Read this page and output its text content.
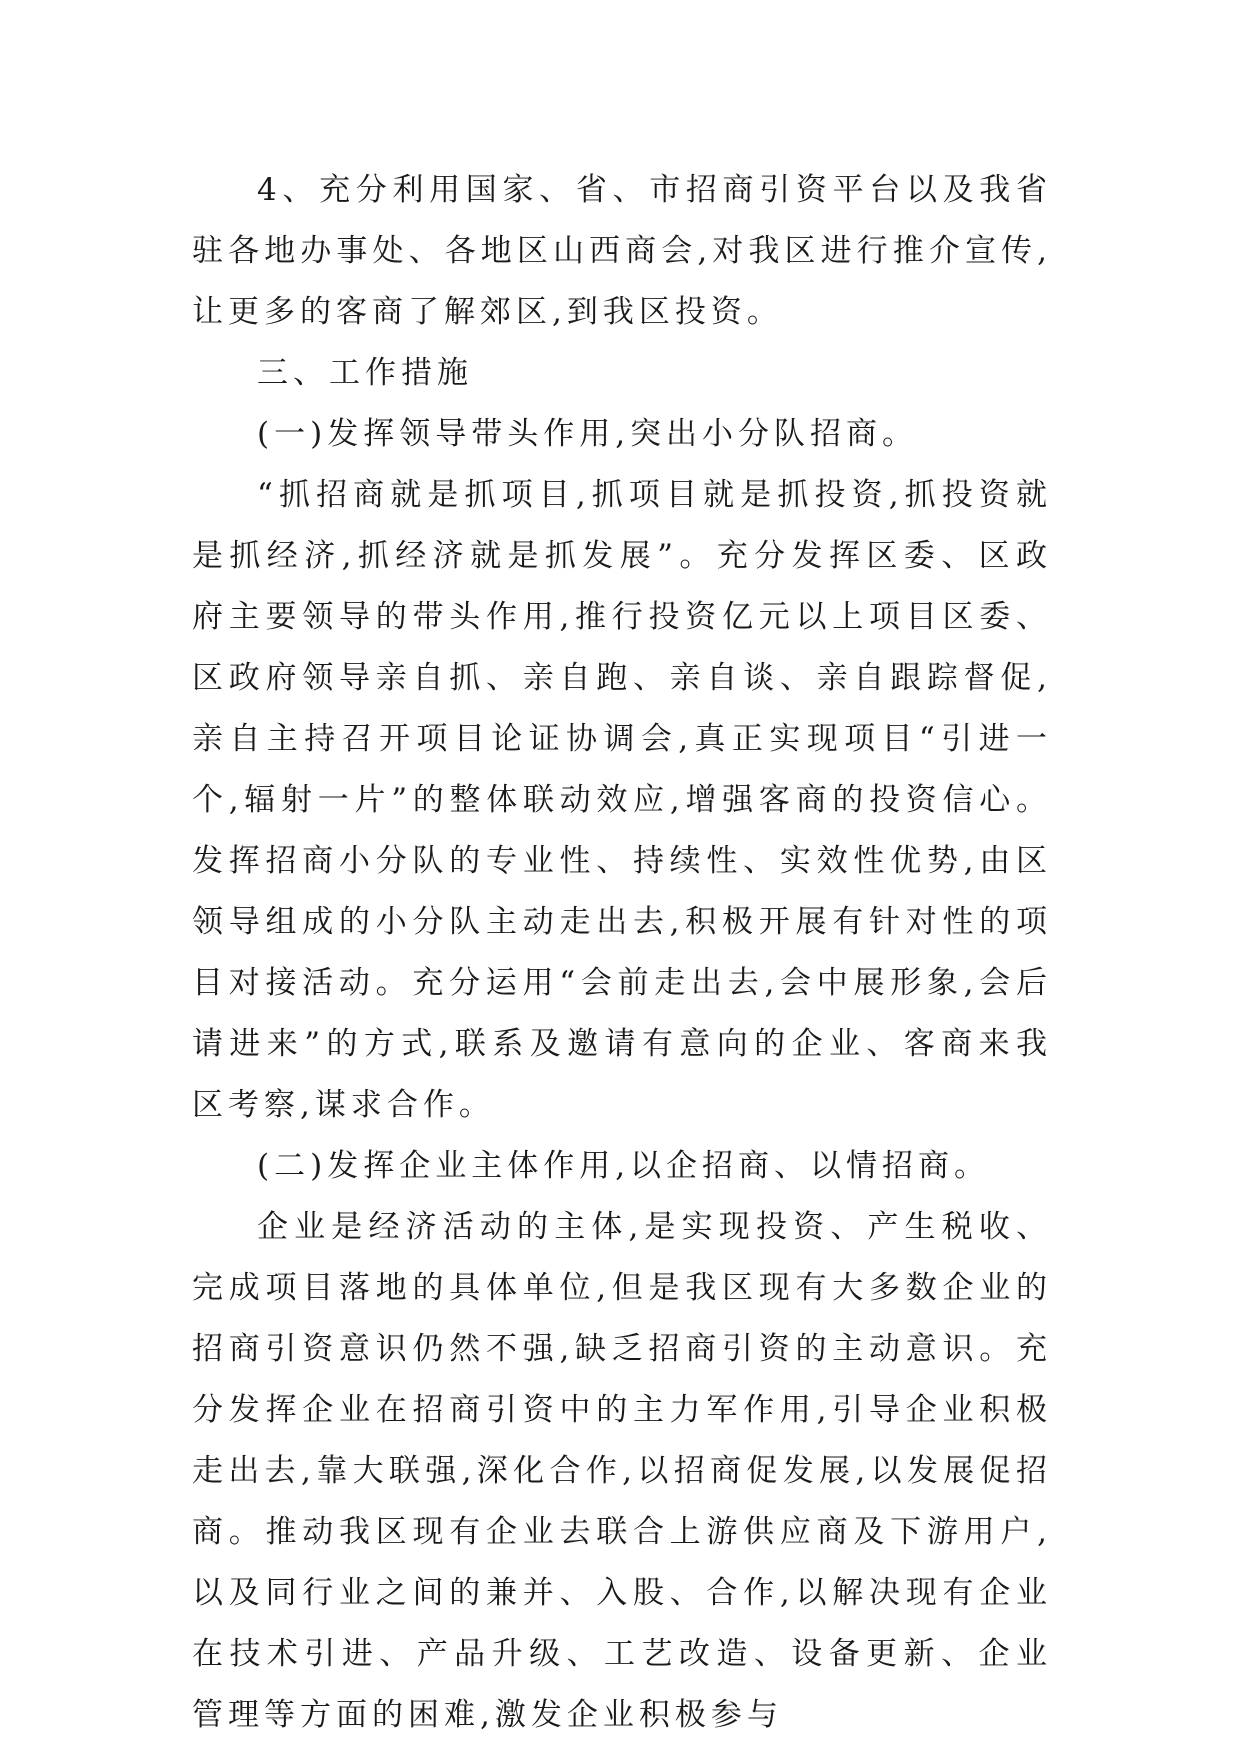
4、充分利用国家、省、市招商引资平台以及我省驻各地办事处、各地区山西商会,对我区进行推介宣传,让更多的客商了解郊区,到我区投资。

三、工作措施

(一)发挥领导带头作用,突出小分队招商。

“抓招商就是抓项目,抓项目就是抓投资,抓投资就是抓经济,抓经济就是抓发展”。充分发挥区委、区政府主要领导的带头作用,推行投资亿元以上项目区委、区政府领导亲自抓、亲自跑、亲自谈、亲自跟踪督促,亲自主持召开项目论证协调会,真正实现项目“引进一个,辐射一片”的整体联动效应,增强客商的投资信心。发挥招商小分队的专业性、持续性、实效性优势,由区领导组成的小分队主动走出去,积极开展有针对性的项目对接活动。充分运用“会前走出去,会中展形象,会后请进来”的方式,联系及邀请有意向的企业、客商来我区考察,谋求合作。

(二)发挥企业主体作用,以企招商、以情招商。

企业是经济活动的主体,是实现投资、产生税收、完成项目落地的具体单位,但是我区现有大多数企业的招商引资意识仍然不强,缺乏招商引资的主动意识。充分发挥企业在招商引资中的主力军作用,引导企业积极走出去,靠大联强,深化合作,以招商促发展,以发展促招商。推动我区现有企业去联合上游供应商及下游用户,以及同行业之间的兼并、入股、合作,以解决现有企业在技术引进、产品升级、工艺改造、设备更新、企业管理等方面的困难,激发企业积极参与
